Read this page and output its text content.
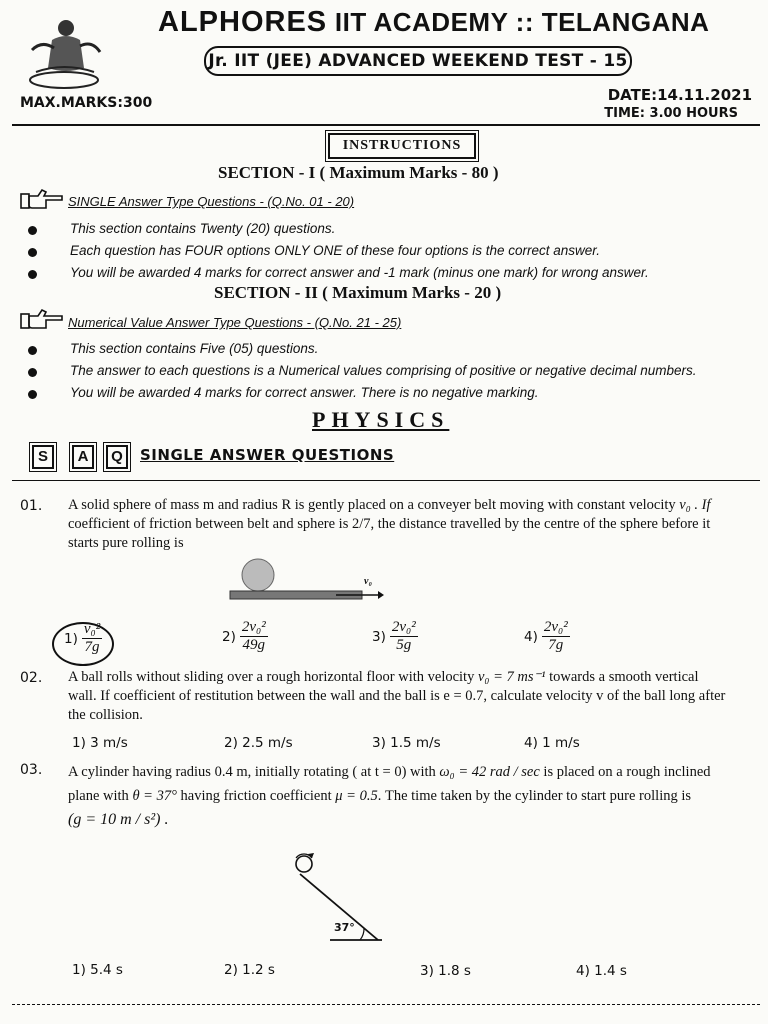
ALPHORES IIT ACADEMY :: TELANGANA
Jr. IIT (JEE) ADVANCED WEEKEND TEST - 15
MAX.MARKS:300	DATE:14.11.2021
TIME: 3.00 HOURS
INSTRUCTIONS
SECTION - I ( Maximum Marks - 80 )
SINGLE Answer Type Questions - (Q.No. 01 - 20)
This section contains Twenty (20) questions.
Each question has FOUR options ONLY ONE of these four options is the correct answer.
You will be awarded 4 marks for correct answer and -1 mark (minus one mark) for wrong answer.
SECTION - II ( Maximum Marks - 20 )
Numerical Value Answer Type Questions - (Q.No. 21 - 25)
This section contains Five (05) questions.
The answer to each questions is a Numerical values comprising of positive or negative decimal numbers.
You will be awarded 4 marks for correct answer. There is no negative marking.
PHYSICS
S	A	Q	SINGLE ANSWER QUESTIONS
01. A solid sphere of mass m and radius R is gently placed on a conveyer belt moving with constant velocity v₀ . If
coefficient of friction between belt and sphere is 2/7, the distance travelled by the centre of the sphere before it
starts pure rolling is
v₀
$1) \frac{\text{v₀²}}{7g}$	$2) \frac{\text{2v₀²}}{49g}$	$3) \frac{\text{2v₀²}}{5g}$	$4) \frac{\text{2v₀²}}{7g}$
02. A ball rolls without sliding over a rough horizontal floor with velocity v₀ = 7 ms⁻¹ towards a smooth vertical
wall. If coefficient of restitution between the wall and the ball is e = 0.7, calculate velocity v of the ball long after
the collision.
1) 3 m/s	2) 2.5 m/s	3) 1.5 m/s	4) 1 m/s
03. A cylinder having radius 0.4 m, initially rotating ( at t = 0) with ω₀ = 42 rad / sec is placed on a rough inclined
plane with θ = 37° having friction coefficient μ = 0.5. The time taken by the cylinder to start pure rolling is
(g = 10 m / s²) .
37°
1) 5.4 s	2) 1.2 s	3) 1.8 s	4) 1.4 s
